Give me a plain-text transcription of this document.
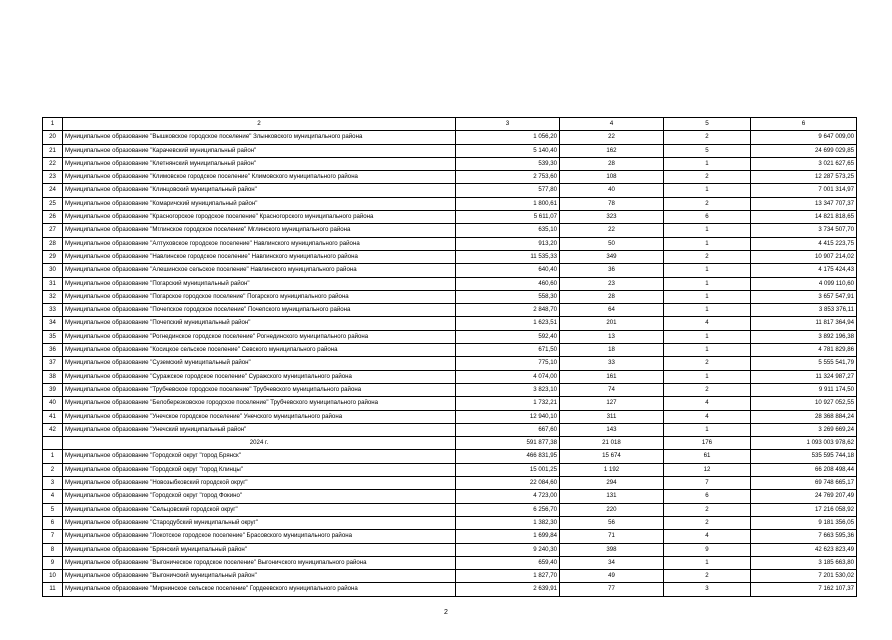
1	2	3	4	5	6
20	Муниципальное образование "Вышковское городское поселение" Злынковского муниципального района	1 056,20	22	2	9 647 009,00
21	Муниципальное образование "Карачевский муниципальный район"	5 140,40	162	5	24 699 029,85
22	Муниципальное образование "Клетнянский муниципальный район"	539,30	28	1	3 021 627,65
23	Муниципальное образование "Климовское городское поселение" Климовского муниципального района	2 753,60	108	2	12 287 573,25
24	Муниципальное образование "Клинцовский муниципальный район"	577,80	40	1	7 001 314,97
25	Муниципальное образование "Комаричский муниципальный район"	1 800,61	78	2	13 347 707,37
26	Муниципальное образование "Красногорское городское поселение" Красногорского муниципального района	5 611,07	323	6	14 821 818,65
27	Муниципальное образование "Мглинское городское поселение" Мглинского муниципального района	635,10	22	1	3 734 507,70
28	Муниципальное образование "Алтуховское городское поселение" Навлинского муниципального района	913,20	50	1	4 415 223,75
29	Муниципальное образование "Навлинское городское поселение" Навлинского муниципального района	11 535,33	349	2	10 907 214,02
30	Муниципальное образование "Алешинское сельское поселение" Навлинского муниципального района	640,40	36	1	4 175 424,43
31	Муниципальное образование "Погарский муниципальный район"	460,60	23	1	4 099 110,60
32	Муниципальное образование "Погарское городское поселение" Погарского муниципального района	558,30	28	1	3 657 547,91
33	Муниципальное образование "Почепское городское поселение" Почепского муниципального района	2 848,70	64	1	3 853 376,11
34	Муниципальное образование "Почепский муниципальный район"	1 623,51	201	4	11 817 364,94
35	Муниципальное образование "Рогнединское городское поселение" Рогнединского муниципального района	592,40	13	1	3 892 196,38
36	Муниципальное образование "Косицкое сельское поселение" Севского муниципального района	671,50	18	1	4 781 829,86
37	Муниципальное образование "Суземский муниципальный район"	775,10	33	2	5 555 541,79
38	Муниципальное образование "Суражское городское поселение" Суражского муниципального района	4 074,00	161	1	11 324 987,27
39	Муниципальное образование "Трубчевское городское поселение" Трубчевского муниципального района	3 823,10	74	2	9 911 174,50
40	Муниципальное образование "Белоберезковское городское поселение" Трубчевского муниципального района	1 732,21	127	4	10 927 052,55
41	Муниципальное образование "Унечское городское поселение" Унечского муниципального района	12 940,10	311	4	28 368 884,24
42	Муниципальное образование "Унечский муниципальный район"	667,60	143	1	3 269 669,24
	2024 г.	591 877,38	21 018	176	1 093 003 978,62
1	Муниципальное образование "Городской округ "город Брянск"	466 831,95	15 674	61	535 595 744,18
2	Муниципальное образование "Городской округ "город Клинцы"	15 001,25	1 192	12	66 208 498,44
3	Муниципальное образование "Новозыбковский городской округ"	22 084,60	294	7	69 748 665,17
4	Муниципальное образование "Городской округ "город Фокино"	4 723,00	131	6	24 769 207,49
5	Муниципальное образование "Сельцовский городской округ"	6 256,70	220	2	17 216 058,92
6	Муниципальное образование "Стародубский муниципальный округ"	1 382,30	56	2	9 181 356,05
7	Муниципальное образование "Локотское городское поселение" Брасовского муниципального района	1 699,84	71	4	7 663 595,36
8	Муниципальное образование "Брянский муниципальный район"	9 240,30	398	9	42 623 823,49
9	Муниципальное образование "Выгоническое городское поселение" Выгоничского муниципального района	659,40	34	1	3 185 663,80
10	Муниципальное образование "Выгоничский муниципальный район"	1 827,70	49	2	7 201 530,02
11	Муниципальное образование "Мирнинское сельское поселение" Гордеевского муниципального района	2 639,91	77	3	7 162 107,37
2
